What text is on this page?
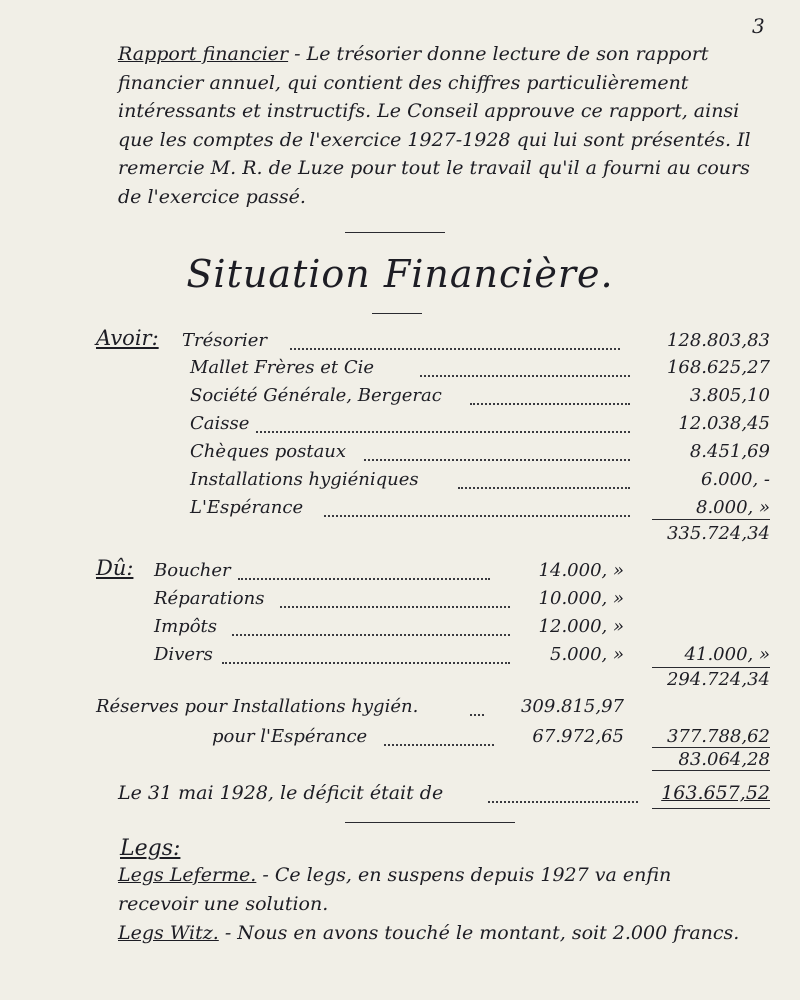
3

Rapport financier - Le trésorier donne lecture de son rapport financier annuel, qui contient des chiffres particulièrement intéressants et instructifs. Le Conseil approuve ce rapport, ainsi que les comptes de l'exercice 1927-1928 qui lui sont présentés. Il remercie M. R. de Luze pour tout le travail qu'il a fourni au cours de l'exercice passé.

Situation Financière.
Avoir: Trésorier	128.803,83
Mallet Frères et Cie	168.625,27
Société Générale, Bergerac	3.805,10
Caisse	12.038,45
Chèques postaux	8.451,69
Installations hygiéniques	6.000, -
L'Espérance	8.000, »
335.724,34
Dû: Boucher	14.000, »
Réparations	10.000, »
Impôts	12.000, »
Divers	5.000, »	41.000, »
294.724,34
Réserves pour Installations hygién.	309.815,97
pour l'Espérance	67.972,65	377.788,62
83.064,28
Le 31 mai 1928, le déficit était de	163.657,52
Legs:
Legs Leferme. - Ce legs, en suspens depuis 1927 va enfin
recevoir une solution.
Legs Witz. - Nous en avons touché le montant, soit 2.000 francs.
